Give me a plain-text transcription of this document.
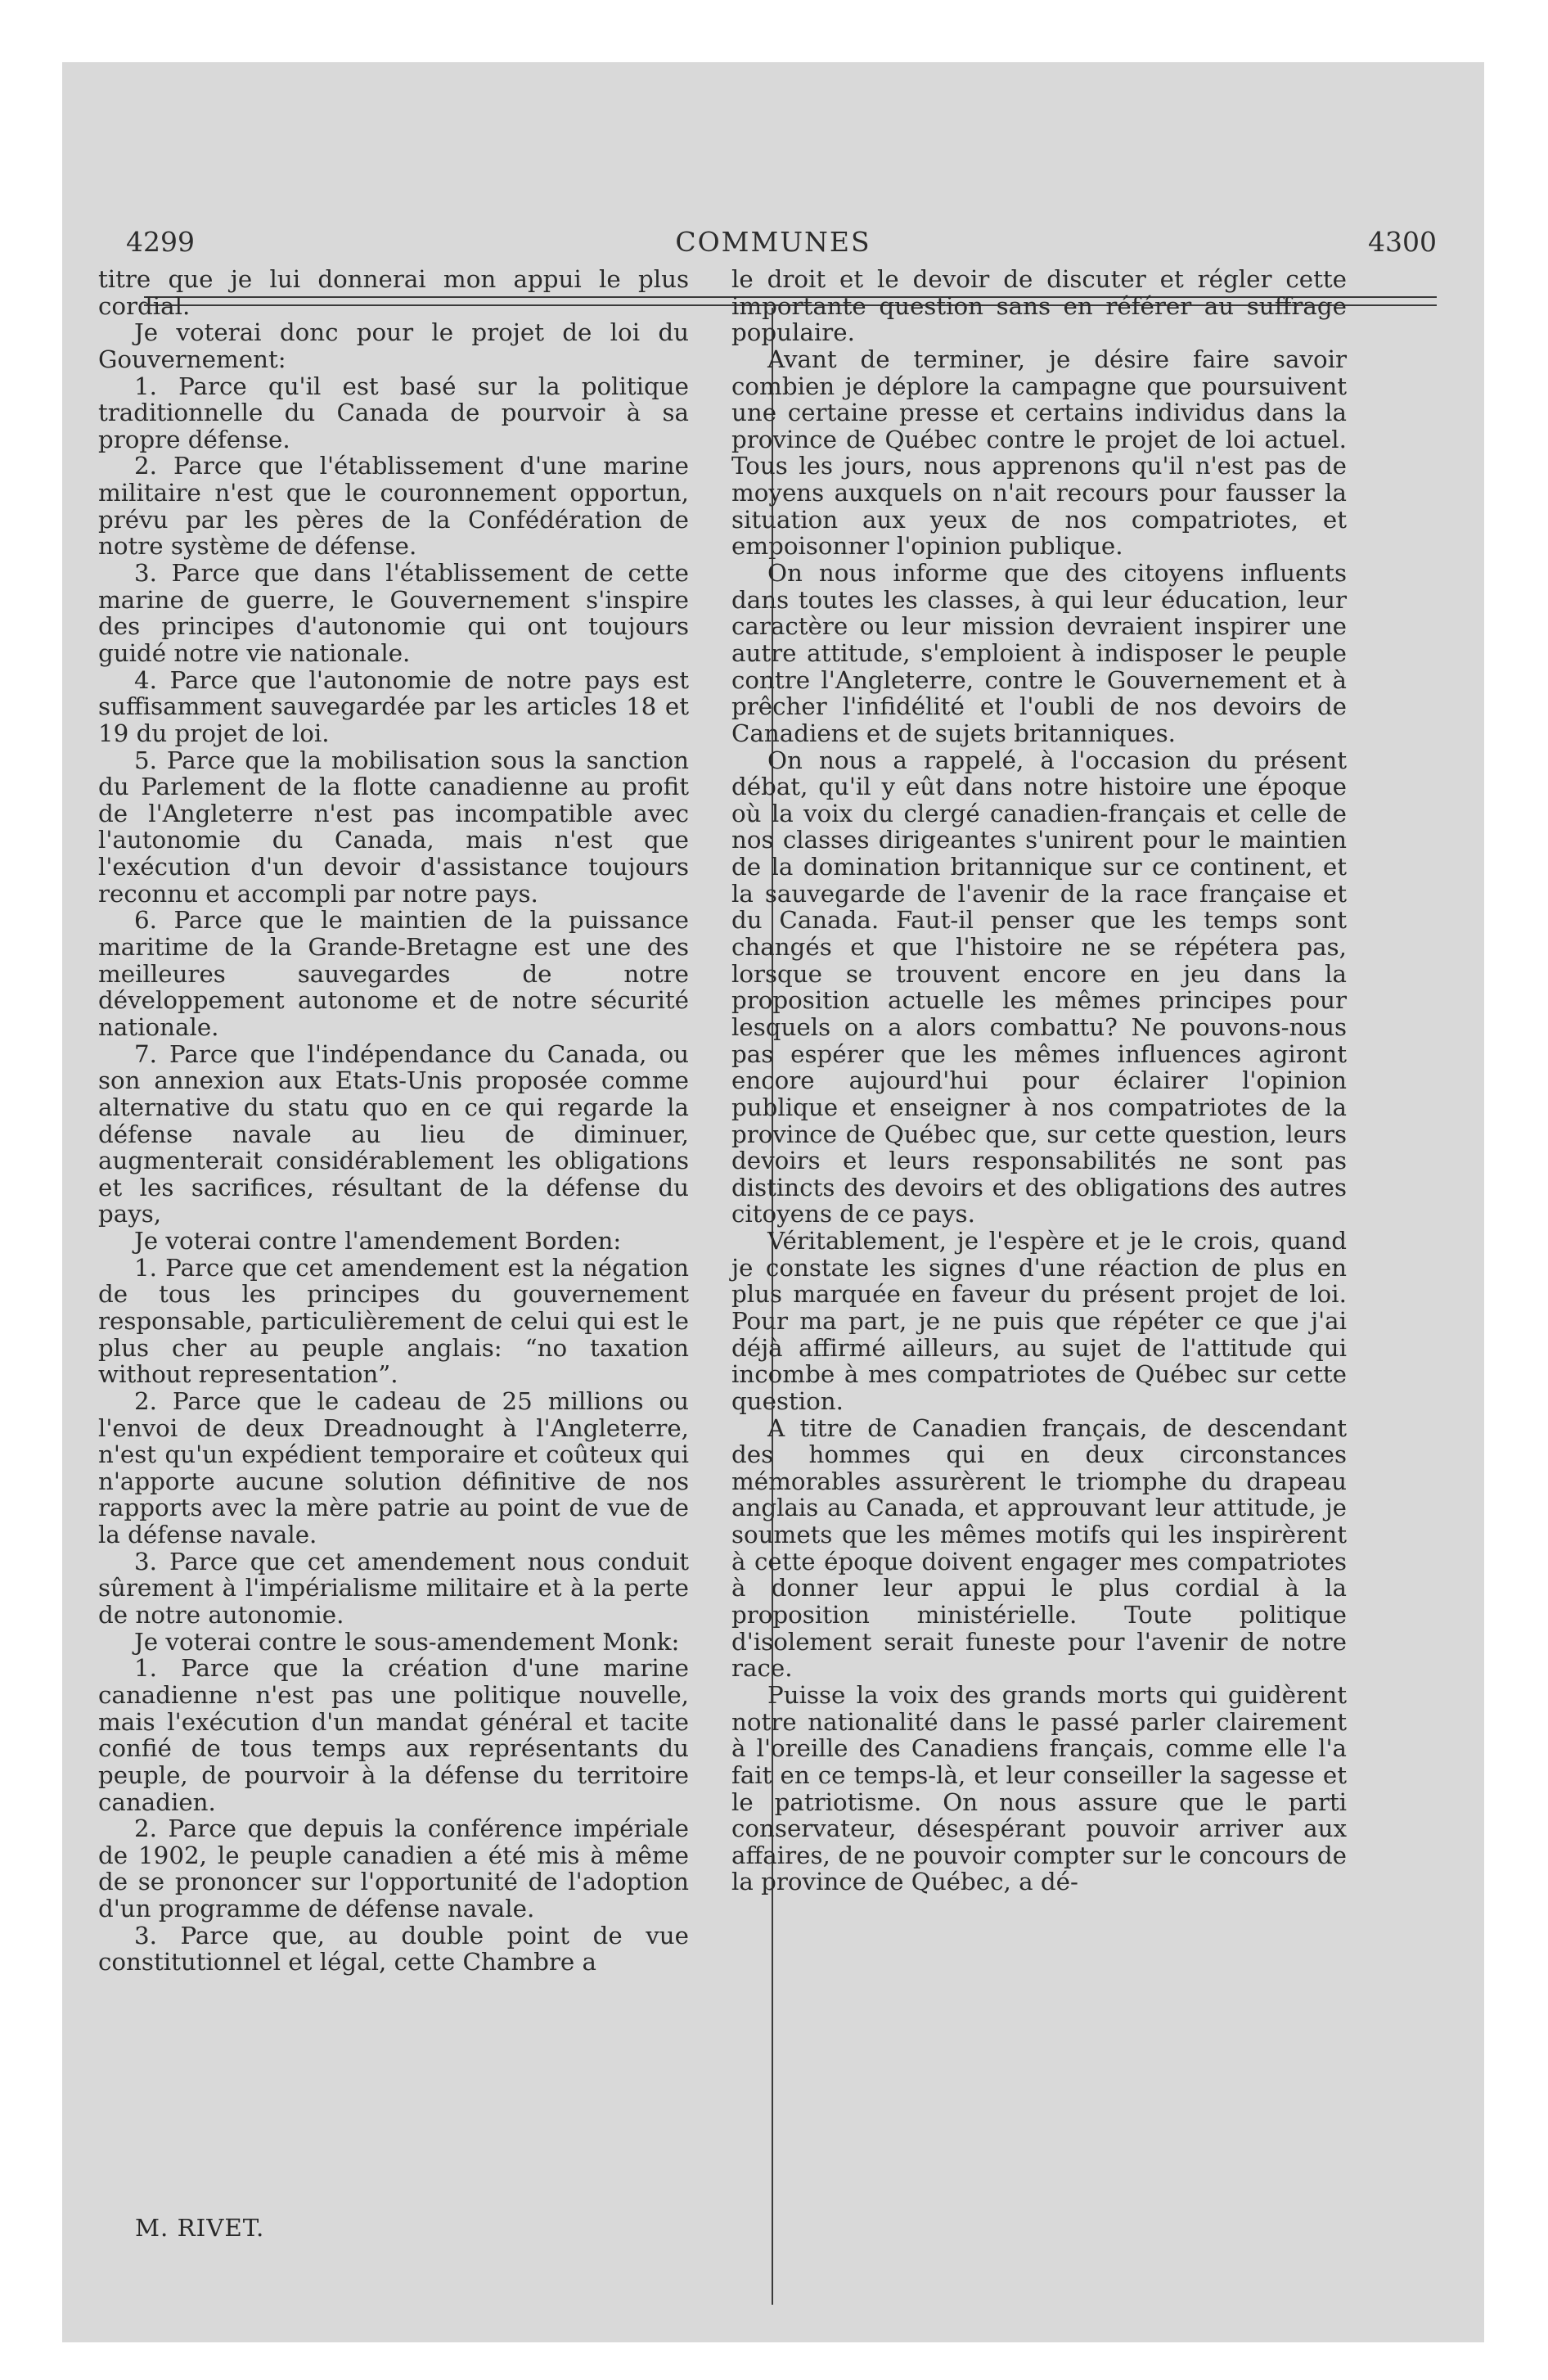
4299	COMMUNES	4300

titre que je lui donnerai mon appui le plus cordial.

Je voterai donc pour le projet de loi du Gouvernement:

1. Parce qu'il est basé sur la politique traditionnelle du Canada de pourvoir à sa propre défense.

2. Parce que l'établissement d'une marine militaire n'est que le couronnement opportun, prévu par les pères de la Confédération de notre système de défense.

3. Parce que dans l'établissement de cette marine de guerre, le Gouvernement s'inspire des principes d'autonomie qui ont toujours guidé notre vie nationale.

4. Parce que l'autonomie de notre pays est suffisamment sauvegardée par les articles 18 et 19 du projet de loi.

5. Parce que la mobilisation sous la sanction du Parlement de la flotte canadienne au profit de l'Angleterre n'est pas incompatible avec l'autonomie du Canada, mais n'est que l'exécution d'un devoir d'assistance toujours reconnu et accompli par notre pays.

6. Parce que le maintien de la puissance maritime de la Grande-Bretagne est une des meilleures sauvegardes de notre développement autonome et de notre sécurité nationale.

7. Parce que l'indépendance du Canada, ou son annexion aux Etats-Unis proposée comme alternative du statu quo en ce qui regarde la défense navale au lieu de diminuer, augmenterait considérablement les obligations et les sacrifices, résultant de la défense du pays,

Je voterai contre l'amendement Borden:

1. Parce que cet amendement est la négation de tous les principes du gouvernement responsable, particulièrement de celui qui est le plus cher au peuple anglais: “no taxation without representation”.

2. Parce que le cadeau de 25 millions ou l'envoi de deux Dreadnought à l'Angleterre, n'est qu'un expédient temporaire et coûteux qui n'apporte aucune solution définitive de nos rapports avec la mère patrie au point de vue de la défense navale.

3. Parce que cet amendement nous conduit sûrement à l'impérialisme militaire et à la perte de notre autonomie.

Je voterai contre le sous-amendement Monk:

1. Parce que la création d'une marine canadienne n'est pas une politique nouvelle, mais l'exécution d'un mandat général et tacite confié de tous temps aux représentants du peuple, de pourvoir à la défense du territoire canadien.

2. Parce que depuis la conférence impériale de 1902, le peuple canadien a été mis à même de se prononcer sur l'opportunité de l'adoption d'un programme de défense navale.

3. Parce que, au double point de vue constitutionnel et légal, cette Chambre a

le droit et le devoir de discuter et régler cette importante question sans en référer au suffrage populaire.

Avant de terminer, je désire faire savoir combien je déplore la campagne que poursuivent une certaine presse et certains individus dans la province de Québec contre le projet de loi actuel. Tous les jours, nous apprenons qu'il n'est pas de moyens auxquels on n'ait recours pour fausser la situation aux yeux de nos compatriotes, et empoisonner l'opinion publique.

On nous informe que des citoyens influents dans toutes les classes, à qui leur éducation, leur caractère ou leur mission devraient inspirer une autre attitude, s'emploient à indisposer le peuple contre l'Angleterre, contre le Gouvernement et à prêcher l'infidélité et l'oubli de nos devoirs de Canadiens et de sujets britanniques.

On nous a rappelé, à l'occasion du présent débat, qu'il y eût dans notre histoire une époque où la voix du clergé canadien-français et celle de nos classes dirigeantes s'unirent pour le maintien de la domination britannique sur ce continent, et la sauvegarde de l'avenir de la race française et du Canada. Faut-il penser que les temps sont changés et que l'histoire ne se répétera pas, lorsque se trouvent encore en jeu dans la proposition actuelle les mêmes principes pour lesquels on a alors combattu? Ne pouvons-nous pas espérer que les mêmes influences agiront encore aujourd'hui pour éclairer l'opinion publique et enseigner à nos compatriotes de la province de Québec que, sur cette question, leurs devoirs et leurs responsabilités ne sont pas distincts des devoirs et des obligations des autres citoyens de ce pays.

Véritablement, je l'espère et je le crois, quand je constate les signes d'une réaction de plus en plus marquée en faveur du présent projet de loi. Pour ma part, je ne puis que répéter ce que j'ai déjà affirmé ailleurs, au sujet de l'attitude qui incombe à mes compatriotes de Québec sur cette question.

A titre de Canadien français, de descendant des hommes qui en deux circonstances mémorables assurèrent le triomphe du drapeau anglais au Canada, et approuvant leur attitude, je soumets que les mêmes motifs qui les inspirèrent à cette époque doivent engager mes compatriotes à donner leur appui le plus cordial à la proposition ministérielle. Toute politique d'isolement serait funeste pour l'avenir de notre race.

Puisse la voix des grands morts qui guidèrent notre nationalité dans le passé parler clairement à l'oreille des Canadiens français, comme elle l'a fait en ce temps-là, et leur conseiller la sagesse et le patriotisme. On nous assure que le parti conservateur, désespérant pouvoir arriver aux affaires, de ne pouvoir compter sur le concours de la province de Québec, a dé-

M. RIVET.
